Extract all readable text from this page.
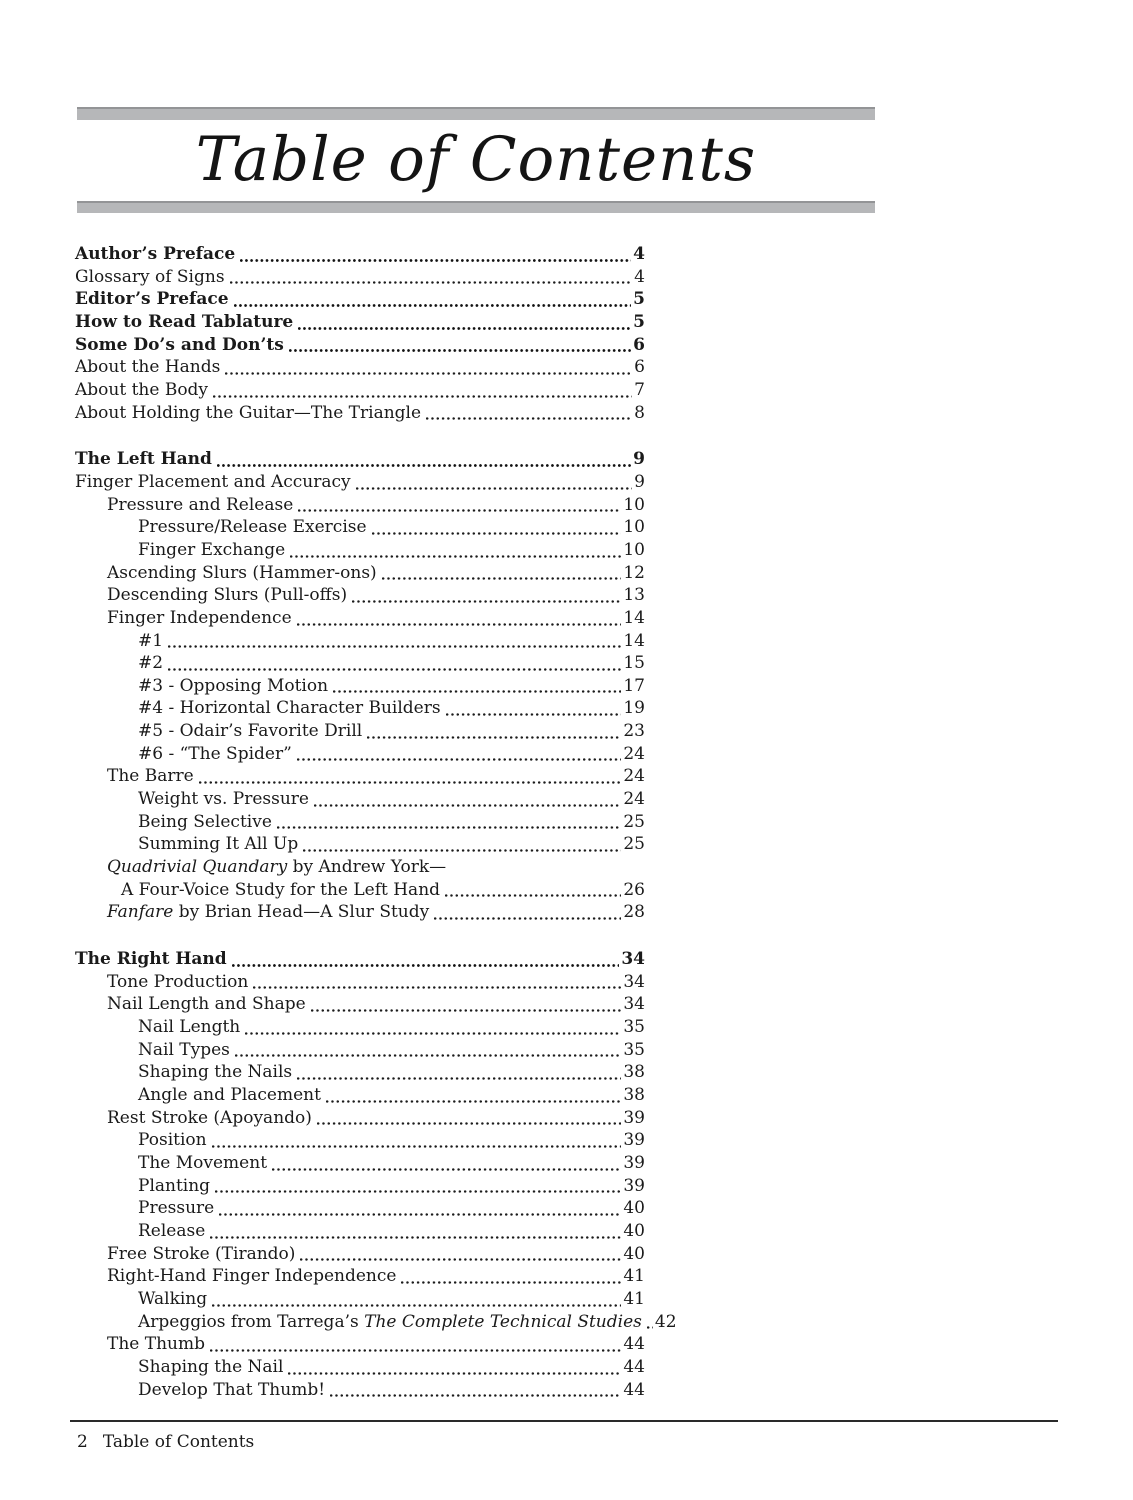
Table of Contents
Author’s Preface	4
Glossary of Signs	4
Editor’s Preface	5
How to Read Tablature	5
Some Do’s and Don’ts	6
About the Hands	6
About the Body	7
About Holding the Guitar—The Triangle	8
The Left Hand	9
Finger Placement and Accuracy	9
Pressure and Release	10
Pressure/Release Exercise	10
Finger Exchange	10
Ascending Slurs (Hammer-ons)	12
Descending Slurs (Pull-offs)	13
Finger Independence	14
#1	14
#2	15
#3 - Opposing Motion	17
#4 - Horizontal Character Builders	19
#5 - Odair’s Favorite Drill	23
#6 - “The Spider”	24
The Barre	24
Weight vs. Pressure	24
Being Selective	25
Summing It All Up	25
Quadrivial Quandary by Andrew York—
A Four-Voice Study for the Left Hand	26
Fanfare by Brian Head—A Slur Study	28
The Right Hand	34
Tone Production	34
Nail Length and Shape	34
Nail Length	35
Nail Types	35
Shaping the Nails	38
Angle and Placement	38
Rest Stroke (Apoyando)	39
Position	39
The Movement	39
Planting	39
Pressure	40
Release	40
Free Stroke (Tirando)	40
Right-Hand Finger Independence	41
Walking	41
Arpeggios from Tarrega’s The Complete Technical Studies 42
The Thumb	44
Shaping the Nail	44
Develop That Thumb!	44
2 Table of Contents
